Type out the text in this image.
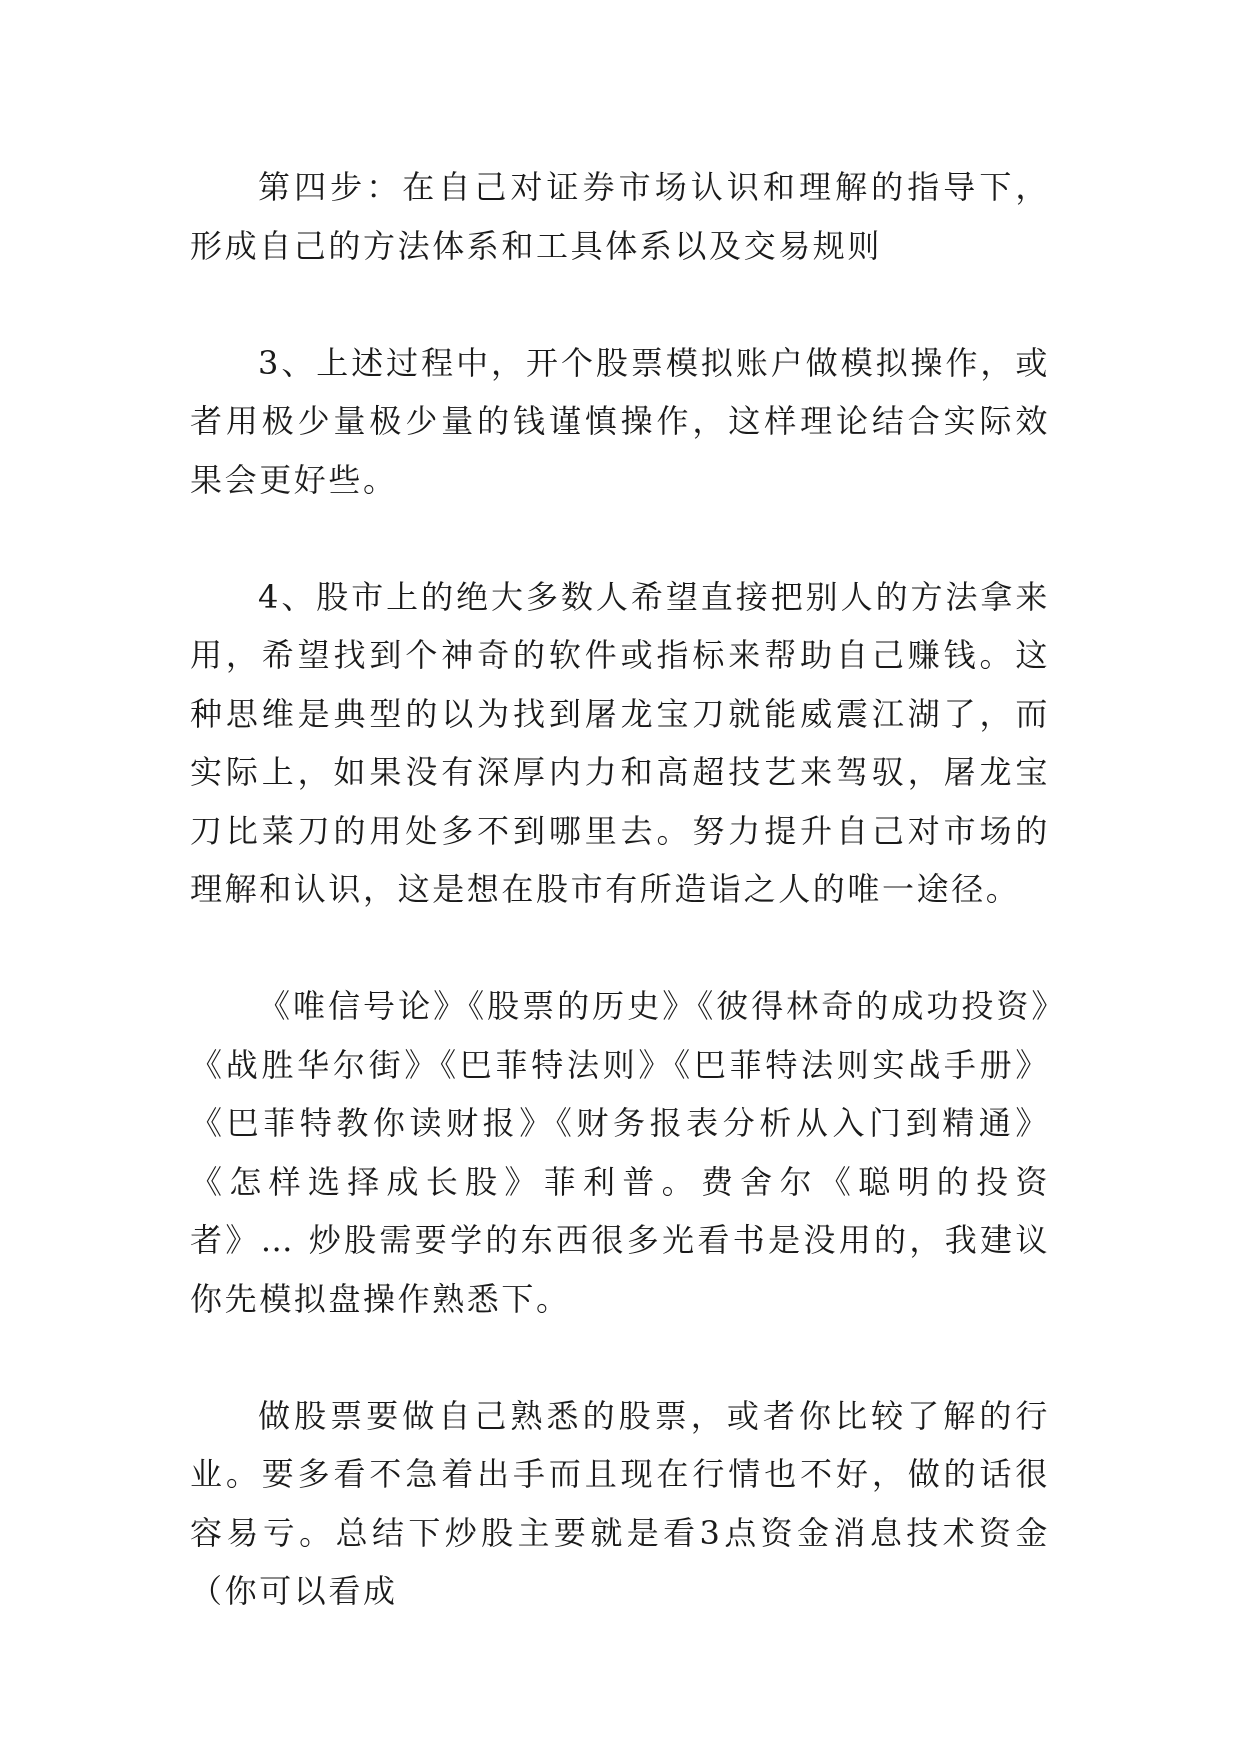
第四步：在自己对证券市场认识和理解的指导下，形成自己的方法体系和工具体系以及交易规则

3、上述过程中，开个股票模拟账户做模拟操作，或者用极少量极少量的钱谨慎操作，这样理论结合实际效果会更好些。

4、股市上的绝大多数人希望直接把别人的方法拿来用，希望找到个神奇的软件或指标来帮助自己赚钱。这种思维是典型的以为找到屠龙宝刀就能威震江湖了，而实际上，如果没有深厚内力和高超技艺来驾驭，屠龙宝刀比菜刀的用处多不到哪里去。努力提升自己对市场的理解和认识，这是想在股市有所造诣之人的唯一途径。

《唯信号论》《股票的历史》《彼得林奇的成功投资》《战胜华尔街》《巴菲特法则》《巴菲特法则实战手册》《巴菲特教你读财报》《财务报表分析从入门到精通》《怎样选择成长股》菲利普。费舍尔《聪明的投资者》… 炒股需要学的东西很多光看书是没用的，我建议你先模拟盘操作熟悉下。

做股票要做自己熟悉的股票，或者你比较了解的行业。要多看不急着出手而且现在行情也不好，做的话很容易亏。总结下炒股主要就是看3点资金消息技术资金（你可以看成
